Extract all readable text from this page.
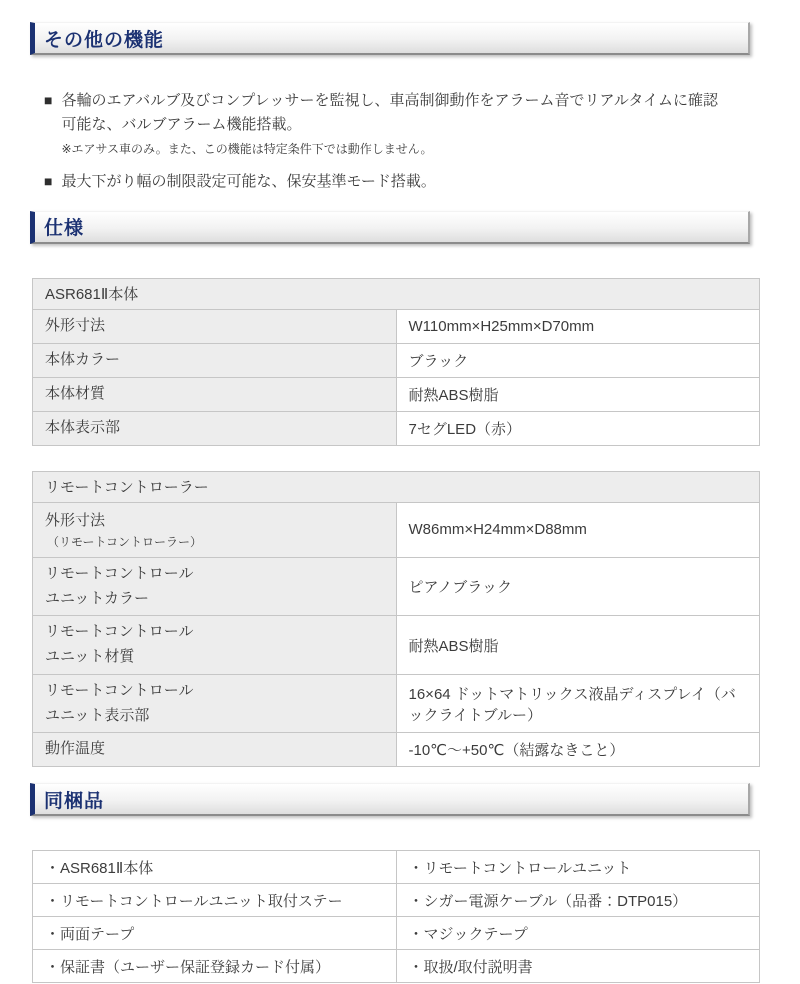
その他の機能
■ 各輪のエアバルブ及びコンプレッサーを監視し、車高制御動作をアラーム音でリアルタイムに確認可能な、バルブアラーム機能搭載。
※エアサス車のみ。また、この機能は特定条件下では動作しません。
■ 最大下がり幅の制限設定可能な、保安基準モード搭載。
仕様
ASR681Ⅱ本体	
外形寸法	W110mm×H25mm×D70mm
本体カラー	ブラック
本体材質	耐熱ABS樹脂
本体表示部	7セグLED（赤）
リモートコントローラー	

外形寸法
（リモートコントローラー）	W86mm×H24mm×D88mm

リモートコントロール
ユニットカラー	ピアノブラック

リモートコントロール
ユニット材質	耐熱ABS樹脂

リモートコントロール
ユニット表示部	16×64 ドットマトリックス液晶ディスプレイ（バックライトブルー）
動作温度	-10℃～+50℃（結露なきこと）
同梱品
・ASR681Ⅱ本体	・リモートコントロールユニット
・リモートコントロールユニット取付ステー	・シガー電源ケーブル（品番：DTP015）
・両面テープ	・マジックテープ
・保証書（ユーザー保証登録カード付属）	・取扱/取付説明書
